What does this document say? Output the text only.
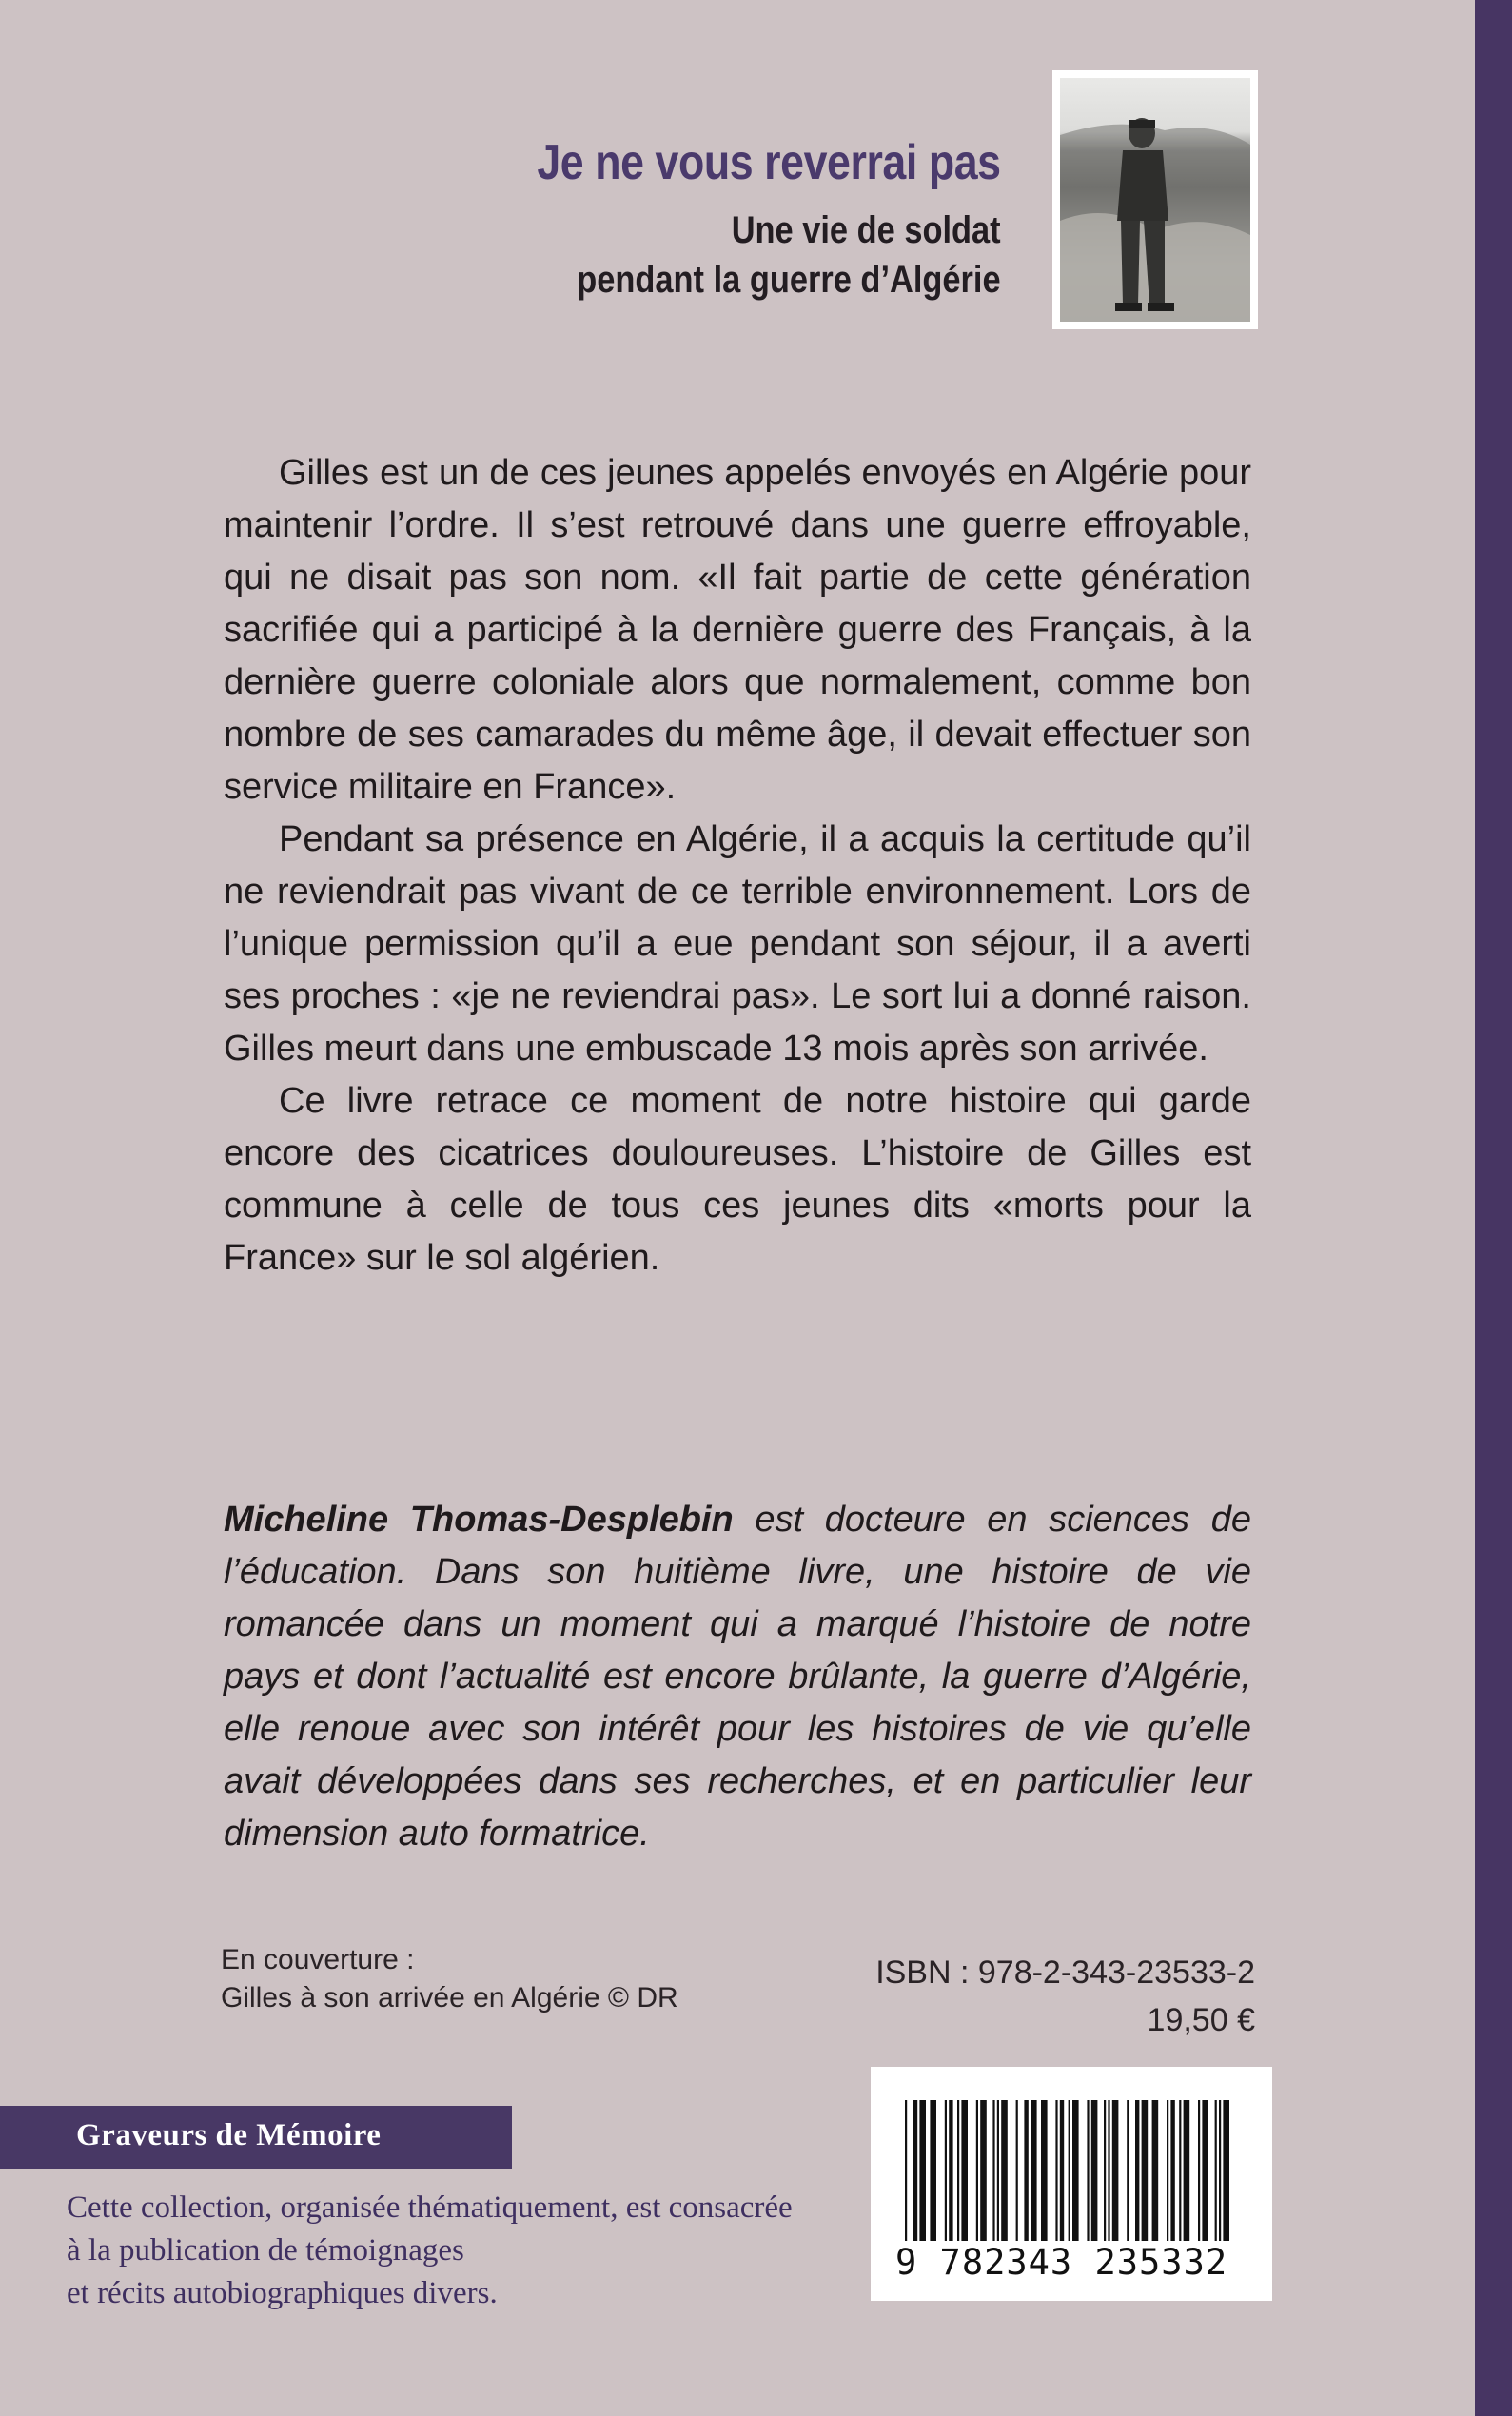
Je ne vous reverrai pas
Une vie de soldat
pendant la guerre d’Algérie

Gilles est un de ces jeunes appelés envoyés en Algérie pour maintenir l’ordre. Il s’est retrouvé dans une guerre effroyable, qui ne disait pas son nom. «Il fait partie de cette génération sacrifiée qui a participé à la dernière guerre des Français, à la dernière guerre coloniale alors que normalement, comme bon nombre de ses camarades du même âge, il devait effectuer son service militaire en France».

Pendant sa présence en Algérie, il a acquis la certitude qu’il ne reviendrait pas vivant de ce terrible environnement. Lors de l’unique permission qu’il a eue pendant son séjour, il a averti ses proches : «je ne reviendrai pas». Le sort lui a donné raison. Gilles meurt dans une embuscade 13 mois après son arrivée.

Ce livre retrace ce moment de notre histoire qui garde encore des cicatrices douloureuses. L’histoire de Gilles est commune à celle de tous ces jeunes dits «morts pour la France» sur le sol algérien.

Micheline Thomas-Desplebin est docteure en sciences de l’éducation. Dans son huitième livre, une histoire de vie romancée dans un moment qui a marqué l’histoire de notre pays et dont l’actualité est encore brûlante, la guerre d’Algérie, elle renoue avec son intérêt pour les histoires de vie qu’elle avait développées dans ses recherches, et en particulier leur dimension auto formatrice.
En couverture :
Gilles à son arrivée en Algérie © DR
ISBN : 978-2-343-23533-2
19,50 €
Graveurs de Mémoire
Cette collection, organisée thématiquement, est consacrée
à la publication de témoignages
et récits autobiographiques divers.
9 782343 235332
